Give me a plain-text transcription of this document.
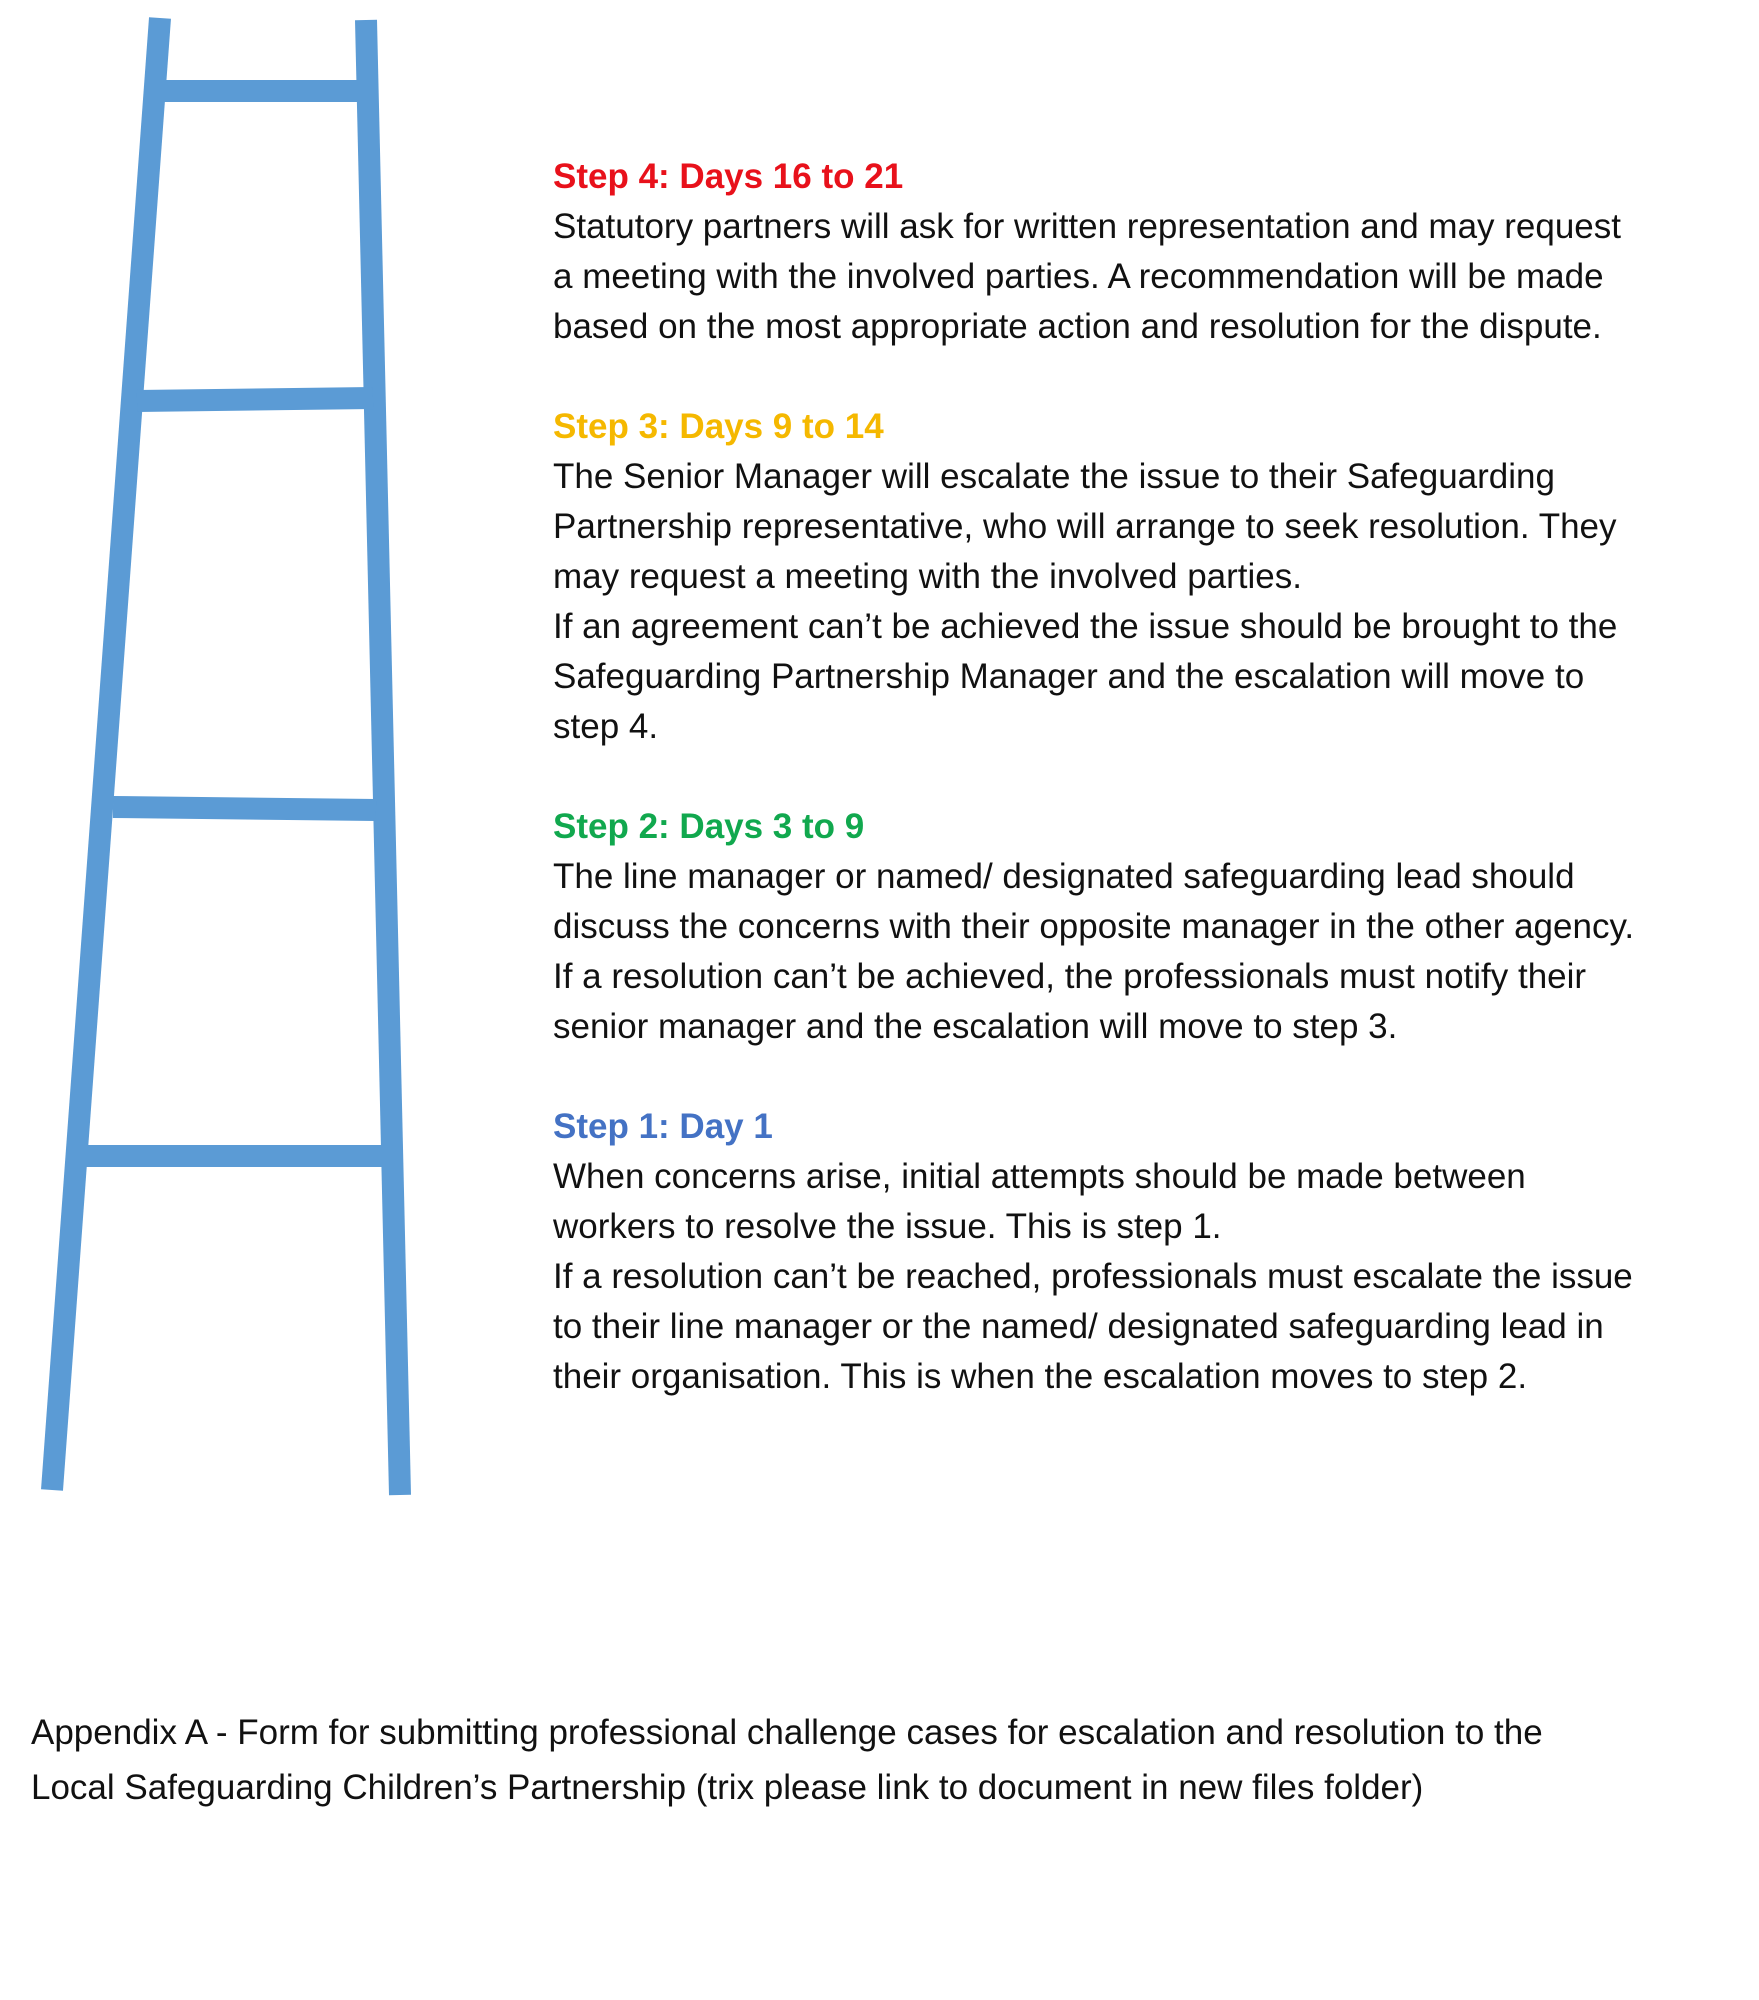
Step 4: Days 16 to 21

Statutory partners will ask for written representation and may request

a meeting with the involved parties. A recommendation will be made

based on the most appropriate action and resolution for the dispute.

Step 3: Days 9 to 14

The Senior Manager will escalate the issue to their Safeguarding

Partnership representative, who will arrange to seek resolution. They

may request a meeting with the involved parties.

If an agreement can’t be achieved the issue should be brought to the

Safeguarding Partnership Manager and the escalation will move to

step 4.

Step 2: Days 3 to 9

The line manager or named/ designated safeguarding lead should

discuss the concerns with their opposite manager in the other agency.

If a resolution can’t be achieved, the professionals must notify their

senior manager and the escalation will move to step 3.

Step 1: Day 1

When concerns arise, initial attempts should be made between

workers to resolve the issue. This is step 1.

If a resolution can’t be reached, professionals must escalate the issue

to their line manager or the named/ designated safeguarding lead in

their organisation. This is when the escalation moves to step 2.

Appendix A - Form for submitting professional challenge cases for escalation and resolution to the

Local Safeguarding Children’s Partnership (trix please link to document in new files folder)
